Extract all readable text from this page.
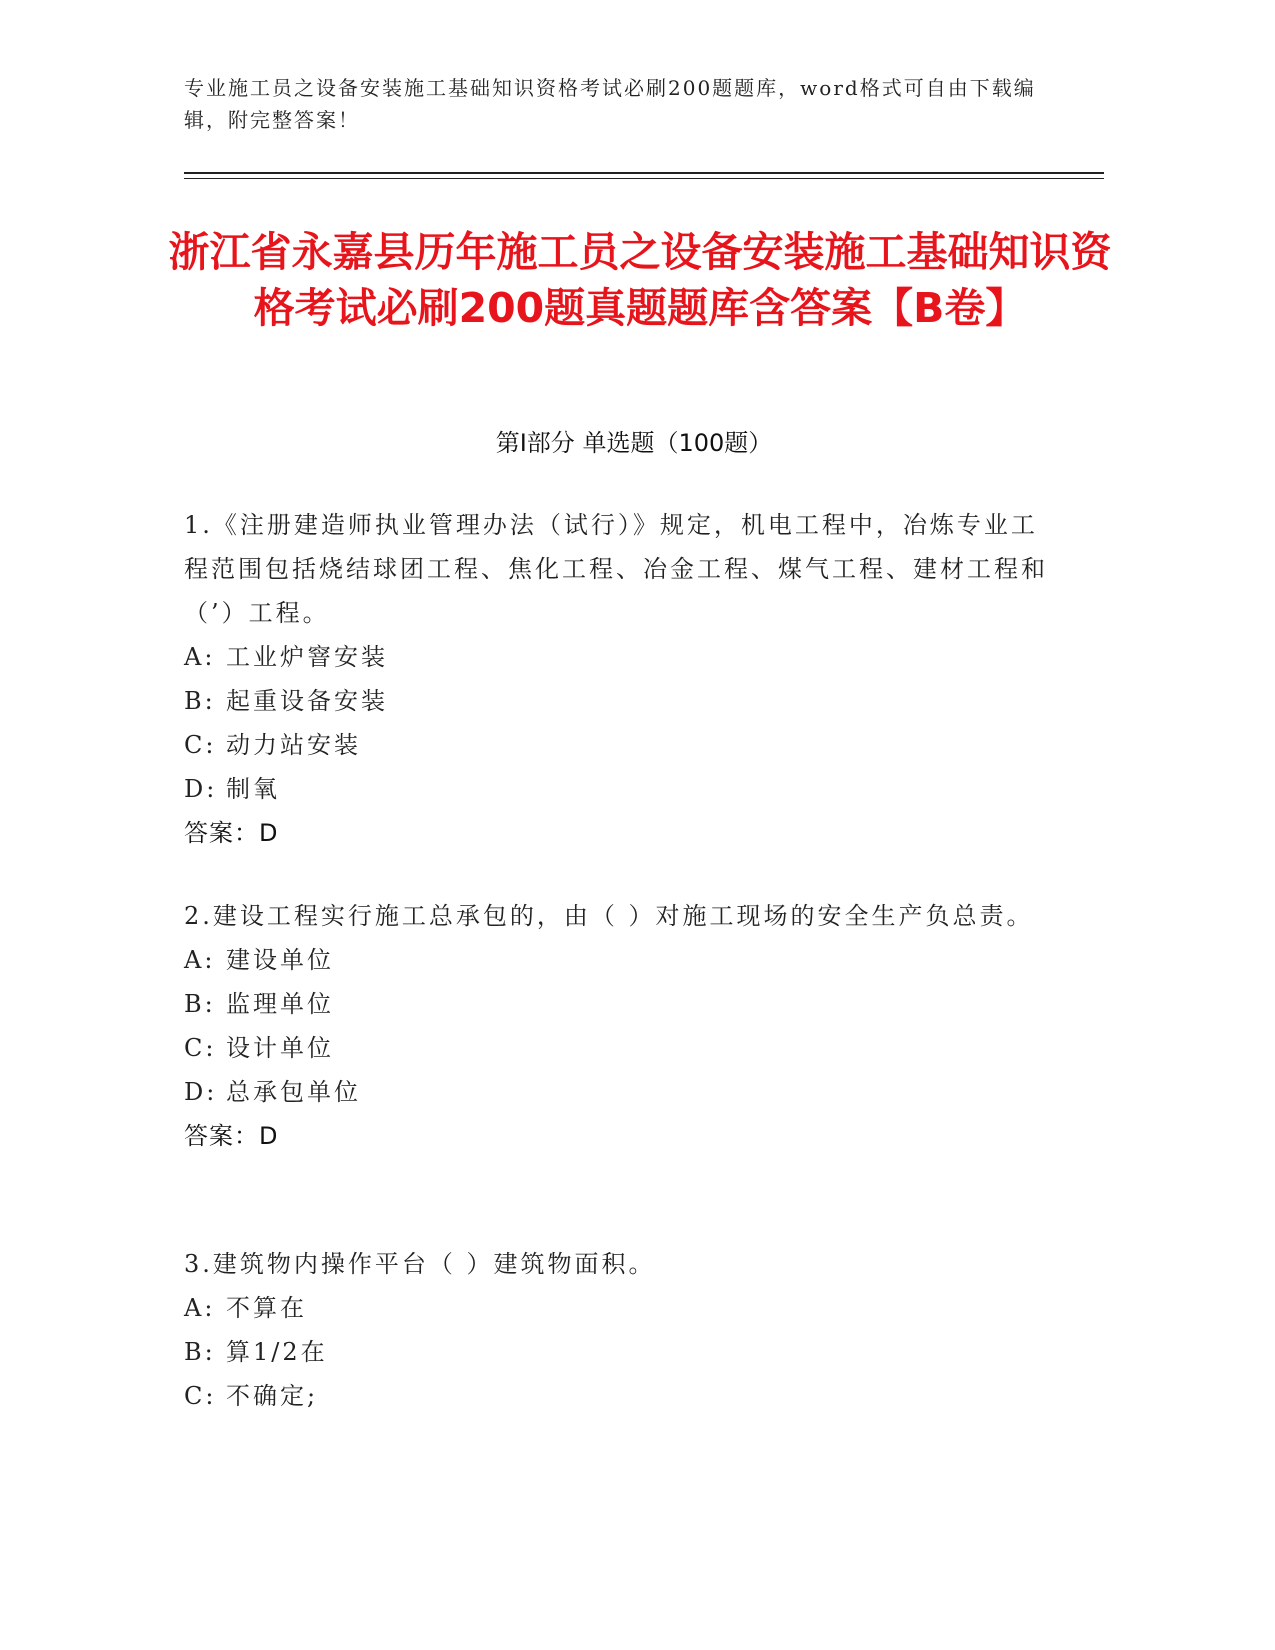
专业施工员之设备安装施工基础知识资格考试必刷200题题库，word格式可自由下载编辑，附完整答案！
浙江省永嘉县历年施工员之设备安装施工基础知识资格考试必刷200题真题题库含答案【B卷】
第Ⅰ部分 单选题（100题）
1.《注册建造师执业管理办法（试行）》规定，机电工程中，冶炼专业工程范围包括烧结球团工程、焦化工程、冶金工程、煤气工程、建材工程和（’）工程。
A: 工业炉窨安装
B: 起重设备安装
C: 动力站安装
D: 制氧
答案：D
2.建设工程实行施工总承包的，由（ ）对施工现场的安全生产负总责。
A: 建设单位
B: 监理单位
C: 设计单位
D: 总承包单位
答案：D
3.建筑物内操作平台（ ）建筑物面积。
A: 不算在
B: 算1/2在
C: 不确定;
